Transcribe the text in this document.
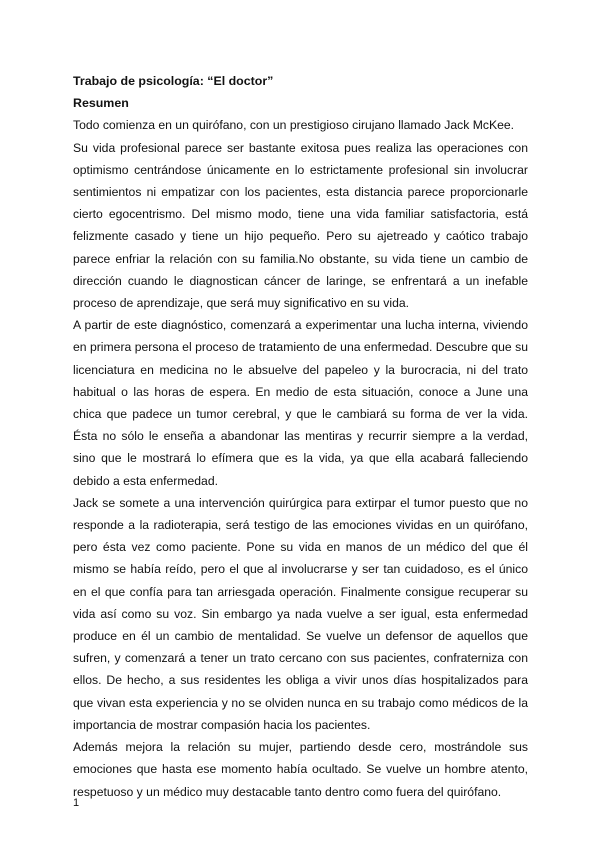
Trabajo de psicología: “El doctor”

Resumen

Todo comienza en un quirófano, con un prestigioso cirujano llamado Jack McKee.

Su vida profesional parece ser bastante exitosa pues realiza las operaciones con optimismo centrándose únicamente en lo estrictamente profesional sin involucrar sentimientos ni empatizar con los pacientes, esta distancia parece proporcionarle cierto egocentrismo. Del mismo modo, tiene una vida familiar satisfactoria, está felizmente casado y tiene un hijo pequeño. Pero su ajetreado y caótico trabajo parece enfriar la relación con su familia.No obstante, su vida tiene un cambio de dirección cuando le diagnostican cáncer de laringe, se enfrentará a un inefable proceso de aprendizaje, que será muy significativo en su vida.

A partir de este diagnóstico, comenzará a experimentar una lucha interna, viviendo en primera persona el proceso de tratamiento de una enfermedad. Descubre que su licenciatura en medicina no le absuelve del papeleo y la burocracia, ni del trato habitual o las horas de espera. En medio de esta situación, conoce a June una chica que padece un tumor cerebral, y que le cambiará su forma de ver la vida. Ésta no sólo le enseña a abandonar las mentiras y recurrir siempre a la verdad, sino que le mostrará lo efímera que es la vida, ya que ella acabará falleciendo debido a esta enfermedad.

Jack se somete a una intervención quirúrgica para extirpar el tumor puesto que no responde a la radioterapia, será testigo de las emociones vividas en un quirófano, pero ésta vez como paciente. Pone su vida en manos de un médico del que él mismo se había reído, pero el que al involucrarse y ser tan cuidadoso, es el único en el que confía para tan arriesgada operación. Finalmente consigue recuperar su vida así como su voz. Sin embargo ya nada vuelve a ser igual, esta enfermedad produce en él un cambio de mentalidad. Se vuelve un defensor de aquellos que sufren, y comenzará a tener un trato cercano con sus pacientes, confraterniza con ellos. De hecho, a sus residentes les obliga a vivir unos días hospitalizados para que vivan esta experiencia y no se olviden nunca en su trabajo como médicos de la importancia de mostrar compasión hacia los pacientes.

Además mejora la relación su mujer, partiendo desde cero, mostrándole sus emociones que hasta ese momento había ocultado. Se vuelve un hombre atento, respetuoso y un médico muy destacable tanto dentro como fuera del quirófano.

1
